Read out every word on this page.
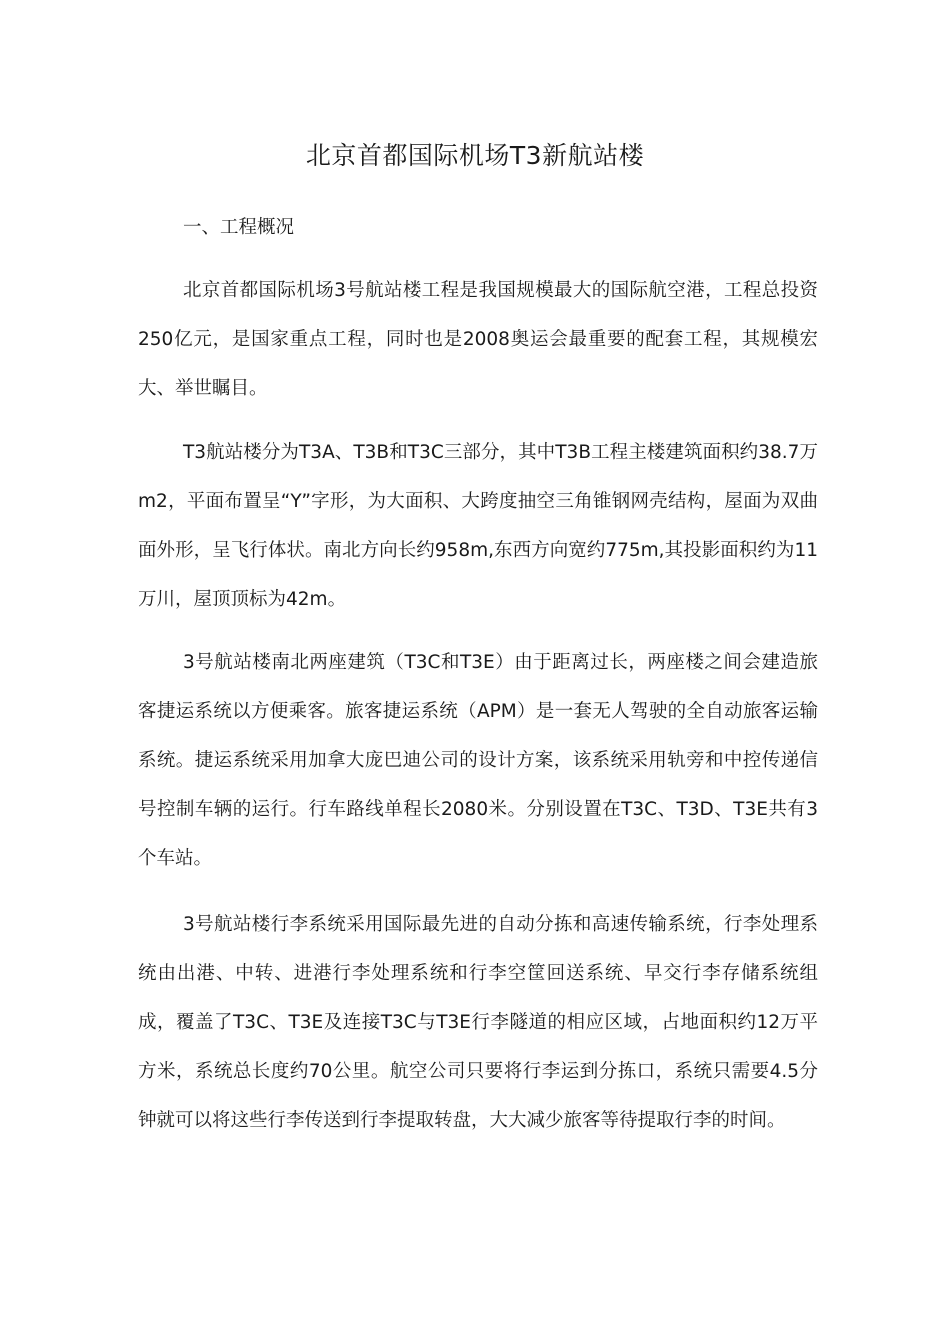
北京首都国际机场T3新航站楼

一、工程概况

北京首都国际机场3号航站楼工程是我国规模最大的国际航空港，工程总投资250亿元，是国家重点工程，同时也是2008奥运会最重要的配套工程，其规模宏大、举世瞩目。

T3航站楼分为T3A、T3B和T3C三部分，其中T3B工程主楼建筑面积约38.7万m2，平面布置呈“Y”字形，为大面积、大跨度抽空三角锥钢网壳结构，屋面为双曲面外形，呈飞行体状。南北方向长约958m,东西方向宽约775m,其投影面积约为11万川，屋顶顶标为42m。

3号航站楼南北两座建筑（T3C和T3E）由于距离过长，两座楼之间会建造旅客捷运系统以方便乘客。旅客捷运系统（APM）是一套无人驾驶的全自动旅客运输系统。捷运系统采用加拿大庞巴迪公司的设计方案，该系统采用轨旁和中控传递信号控制车辆的运行。行车路线单程长2080米。分别设置在T3C、T3D、T3E共有3个车站。

3号航站楼行李系统采用国际最先进的自动分拣和高速传输系统，行李处理系统由出港、中转、进港行李处理系统和行李空筐回送系统、早交行李存储系统组成，覆盖了T3C、T3E及连接T3C与T3E行李隧道的相应区域，占地面积约12万平方米，系统总长度约70公里。航空公司只要将行李运到分拣口，系统只需要4.5分钟就可以将这些行李传送到行李提取转盘，大大减少旅客等待提取行李的时间。
